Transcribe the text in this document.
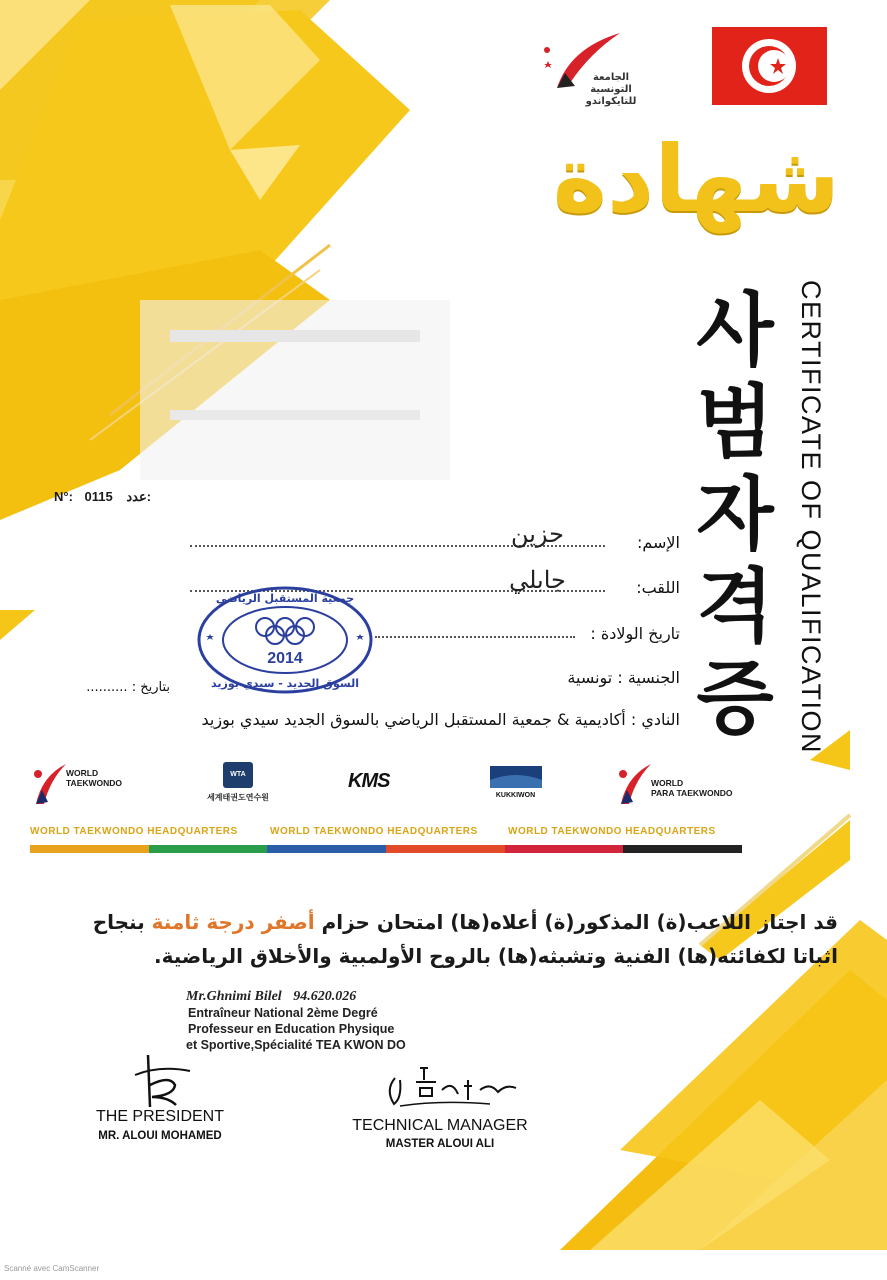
الجامعة التونسية للتايكواندو
شهادة
사
범
자
격
증 CERTIFICATE OF QUALIFICATION
N°: 0115 عدد:
الإسم:
حزين
اللقب:
جابلي
تاريخ الولادة :
الجنسية : تونسية
بتاريخ : ..........
النادي : أكاديمية & جمعية المستقبل الرياضي بالسوق الجديد سيدي بوزيد
2014
جمعية المستقبل الرياضي
السوق الجديد - سيدي بوزيد
WORLD
TAEKWONDO
WTA
세계태권도연수원
KMS
KUKKIWON
WORLD
PARA TAEKWONDO
WORLD TAEKWONDO HEADQUARTERS	WORLD TAEKWONDO HEADQUARTERS	WORLD TAEKWONDO HEADQUARTERS
قد اجتاز اللاعب(ة) المذكور(ة) أعلاه(ها) امتحان حزام أصفر درجة ثامنة بنجاح
اثباتا لكفائته(ها) الفنية وتشبثه(ها) بالروح الأولمبية والأخلاق الرياضية.
Mr.Ghnimi Bilel 94.620.026
Entraîneur National 2ème Degré
Professeur en Education Physique
et Sportive,Spécialité TEA KWON DO
THE PRESIDENT
MR. ALOUI MOHAMED
TECHNICAL MANAGER
MASTER ALOUI ALI
Scanné avec CamScanner
